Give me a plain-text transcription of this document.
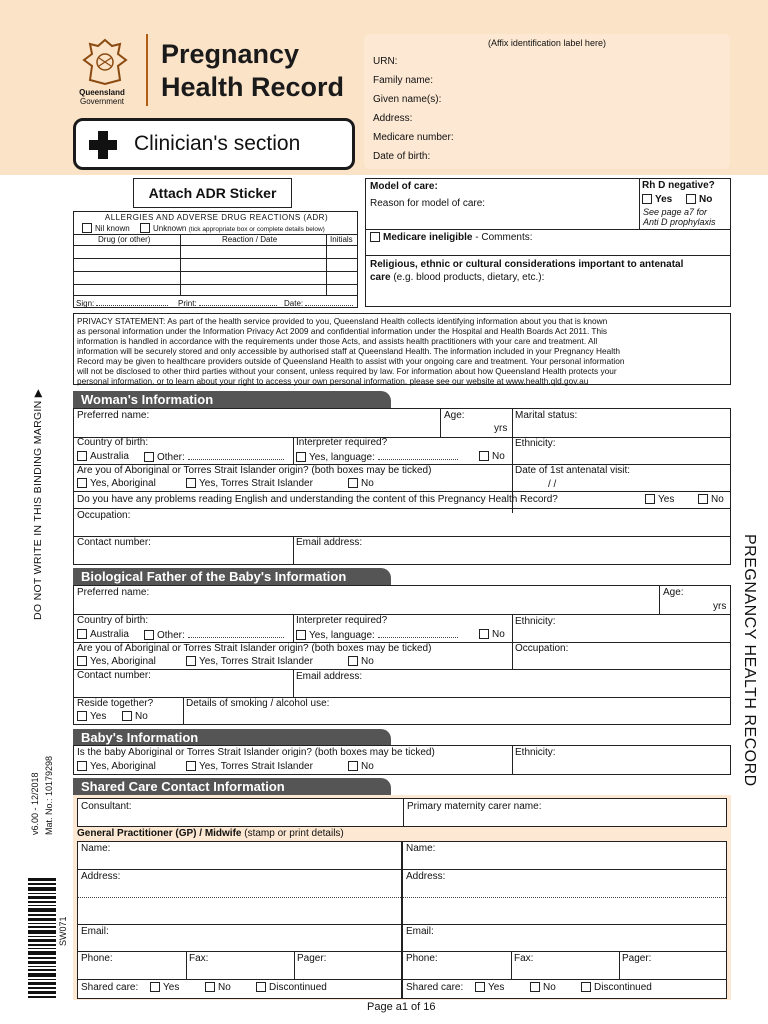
Queensland
Government
Pregnancy
Health Record
Clinician's section
(Affix identification label here)
URN:
Family name:
Given name(s):
Address:
Medicare number:
Date of birth:
Attach ADR Sticker
ALLERGIES AND ADVERSE DRUG REACTIONS (ADR)
Nil known	Unknown (tick appropriate box or complete details below)
Drug (or other)	Reaction / Date	Initials
Sign:	Print:	Date:
Model of care:
Reason for model of care:
Rh D negative?
Yes	No
See page a7 for
Anti D prophylaxis
Medicare ineligible - Comments:
Religious, ethnic or cultural considerations important to antenatal
care (e.g. blood products, dietary, etc.):
PRIVACY STATEMENT: As part of the health service provided to you, Queensland Health collects identifying information about you that is known
as personal information under the Information Privacy Act 2009 and confidential information under the Hospital and Health Boards Act 2011. This
information is handled in accordance with the requirements under those Acts, and assists health practitioners with your care and treatment. All
information will be securely stored and only accessible by authorised staff at Queensland Health. The information included in your Pregnancy Health
Record may be given to healthcare providers outside of Queensland Health to assist with your ongoing care and treatment. Your personal information
will not be disclosed to other third parties without your consent, unless required by law. For information about how Queensland Health protects your
personal information, or to learn about your right to access your own personal information, please see our website at www.health.qld.gov.au
Woman's Information
Preferred name:	Age:
yrs
Marital status:
Country of birth:
Australia	Other:
Interpreter required?
Yes, language:	No
Ethnicity:
Are you of Aboriginal or Torres Strait Islander origin? (both boxes may be ticked)
Yes, Aboriginal	Yes, Torres Strait Islander	No
Date of 1st antenatal visit:
/ /
Do you have any problems reading English and understanding the content of this Pregnancy Health Record?	Yes	No
Occupation:
Contact number:	Email address:
Biological Father of the Baby's Information
Preferred name:	Age:
yrs
Country of birth:
Australia	Other:
Interpreter required?
Yes, language:	No
Ethnicity:
Are you of Aboriginal or Torres Strait Islander origin? (both boxes may be ticked)
Yes, Aboriginal	Yes, Torres Strait Islander	No
Occupation:
Contact number:	Email address:
Reside together?
Yes	No
Details of smoking / alcohol use:
Baby's Information
Is the baby Aboriginal or Torres Strait Islander origin? (both boxes may be ticked)
Yes, Aboriginal	Yes, Torres Strait Islander	No
Ethnicity:
Shared Care Contact Information
Consultant:	Primary maternity carer name:
General Practitioner (GP) / Midwife (stamp or print details)
Name:
Address:
Email:
Phone:	Fax:	Pager:
Shared care:	Yes	No	Discontinued
Name:
Address:
Email:
Phone:	Fax:	Pager:
Shared care:	Yes	No	Discontinued
Page a1 of 16
DO NOT WRITE IN THIS BINDING MARGIN ▶
v6.00 - 12/2018 Mat. No.: 10179298
SW071
PREGNANCY HEALTH RECORD
